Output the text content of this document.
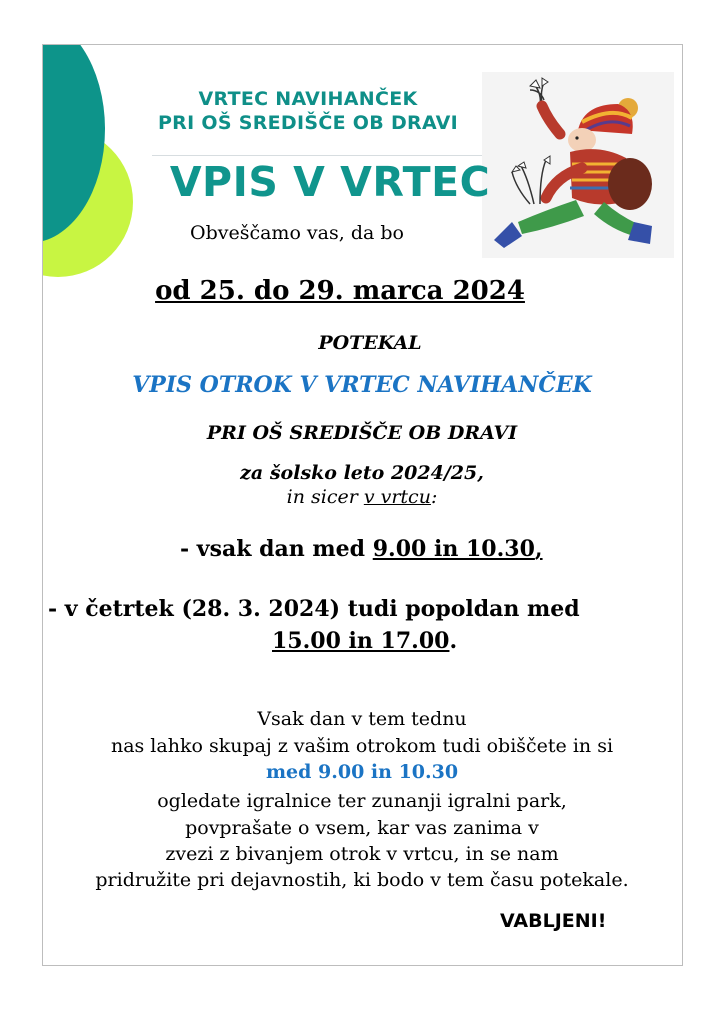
VRTEC NAVIHANČEK
PRI OŠ SREDIŠČE OB DRAVI
VPIS V VRTEC
Obveščamo vas, da bo
od 25. do 29. marca 2024
POTEKAL
VPIS OTROK V VRTEC NAVIHANČEK
PRI OŠ SREDIŠČE OB DRAVI
za šolsko leto 2024/25,
in sicer v vrtcu:
- vsak dan med 9.00 in 10.30,
- v četrtek (28. 3. 2024) tudi popoldan med
15.00 in 17.00.
Vsak dan v tem tednu
nas lahko skupaj z vašim otrokom tudi obiščete in si
med 9.00 in 10.30
ogledate igralnice ter zunanji igralni park,
povprašate o vsem, kar vas zanima v
zvezi z bivanjem otrok v vrtcu, in se nam
pridružite pri dejavnostih, ki bodo v tem času potekale.
VABLJENI!
